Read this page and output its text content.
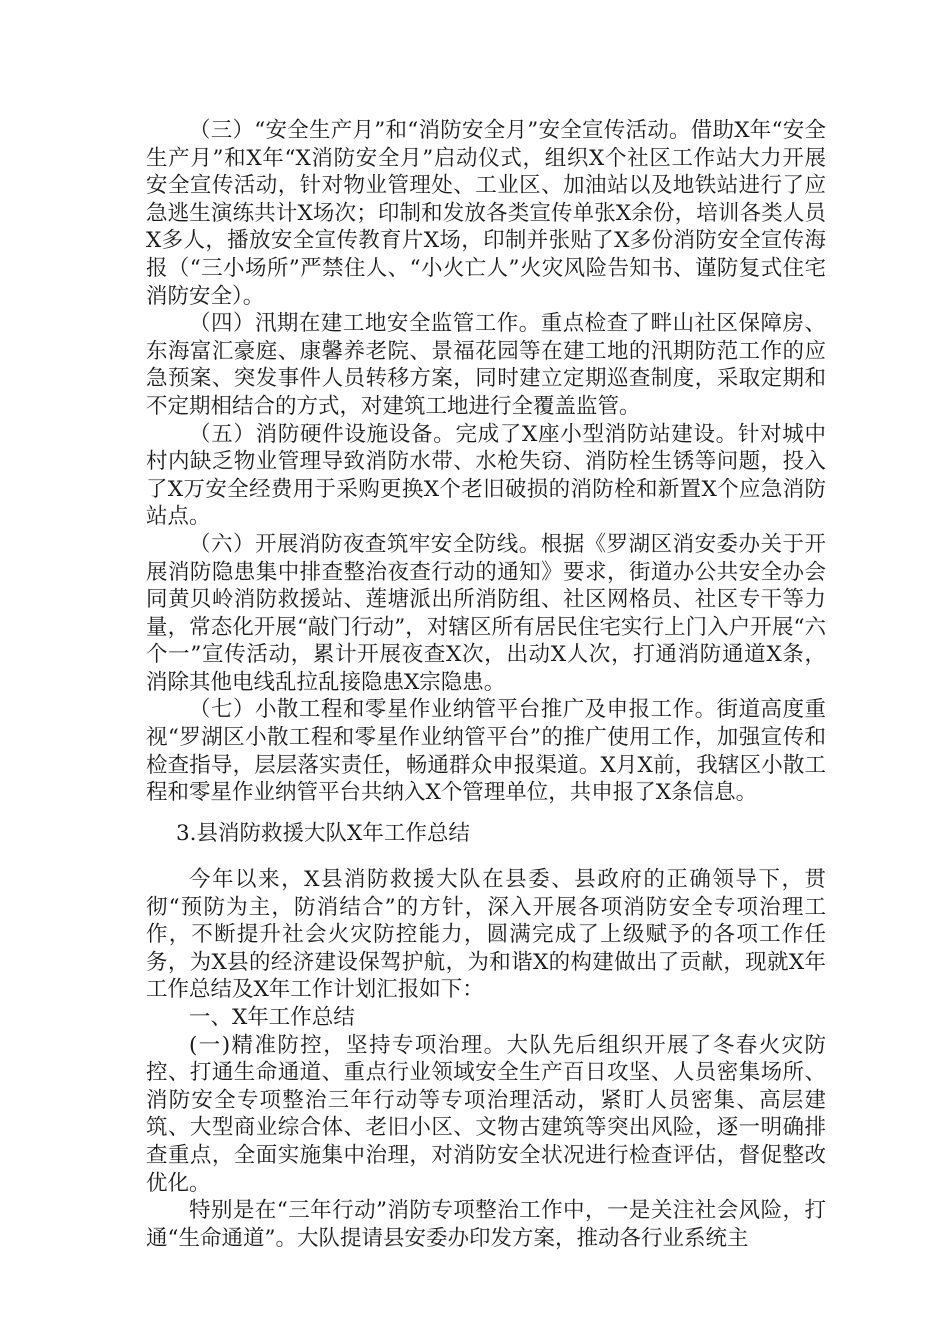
（三）“安全生产月”和“消防安全月”安全宣传活动。借助X年“安全生产月”和X年“X消防安全月”启动仪式，组织X个社区工作站大力开展安全宣传活动，针对物业管理处、工业区、加油站以及地铁站进行了应急逃生演练共计X场次；印制和发放各类宣传单张X余份，培训各类人员X多人，播放安全宣传教育片X场，印制并张贴了X多份消防安全宣传海报（“三小场所”严禁住人、“小火亡人”火灾风险告知书、谨防复式住宅消防安全）。

（四）汛期在建工地安全监管工作。重点检查了畔山社区保障房、东海富汇豪庭、康馨养老院、景福花园等在建工地的汛期防范工作的应急预案、突发事件人员转移方案，同时建立定期巡查制度，采取定期和不定期相结合的方式，对建筑工地进行全覆盖监管。

（五）消防硬件设施设备。完成了X座小型消防站建设。针对城中村内缺乏物业管理导致消防水带、水枪失窃、消防栓生锈等问题，投入了X万安全经费用于采购更换X个老旧破损的消防栓和新置X个应急消防站点。

（六）开展消防夜查筑牢安全防线。根据《罗湖区消安委办关于开展消防隐患集中排查整治夜查行动的通知》要求，街道办公共安全办会同黄贝岭消防救援站、莲塘派出所消防组、社区网格员、社区专干等力量，常态化开展“敲门行动”，对辖区所有居民住宅实行上门入户开展“六个一”宣传活动，累计开展夜查X次，出动X人次，打通消防通道X条，消除其他电线乱拉乱接隐患X宗隐患。

（七）小散工程和零星作业纳管平台推广及申报工作。街道高度重视“罗湖区小散工程和零星作业纳管平台”的推广使用工作，加强宣传和检查指导，层层落实责任，畅通群众申报渠道。X月X前，我辖区小散工程和零星作业纳管平台共纳入X个管理单位，共申报了X条信息。

3.县消防救援大队X年工作总结

今年以来，X县消防救援大队在县委、县政府的正确领导下，贯彻“预防为主，防消结合”的方针，深入开展各项消防安全专项治理工作，不断提升社会火灾防控能力，圆满完成了上级赋予的各项工作任务，为X县的经济建设保驾护航，为和谐X的构建做出了贡献，现就X年工作总结及X年工作计划汇报如下：

一、X年工作总结

(一)精准防控，坚持专项治理。大队先后组织开展了冬春火灾防控、打通生命通道、重点行业领域安全生产百日攻坚、人员密集场所、消防安全专项整治三年行动等专项治理活动，紧盯人员密集、高层建筑、大型商业综合体、老旧小区、文物古建筑等突出风险，逐一明确排查重点，全面实施集中治理，对消防安全状况进行检查评估，督促整改优化。

特别是在“三年行动”消防专项整治工作中，一是关注社会风险，打通“生命通道”。大队提请县安委办印发方案，推动各行业系统主
